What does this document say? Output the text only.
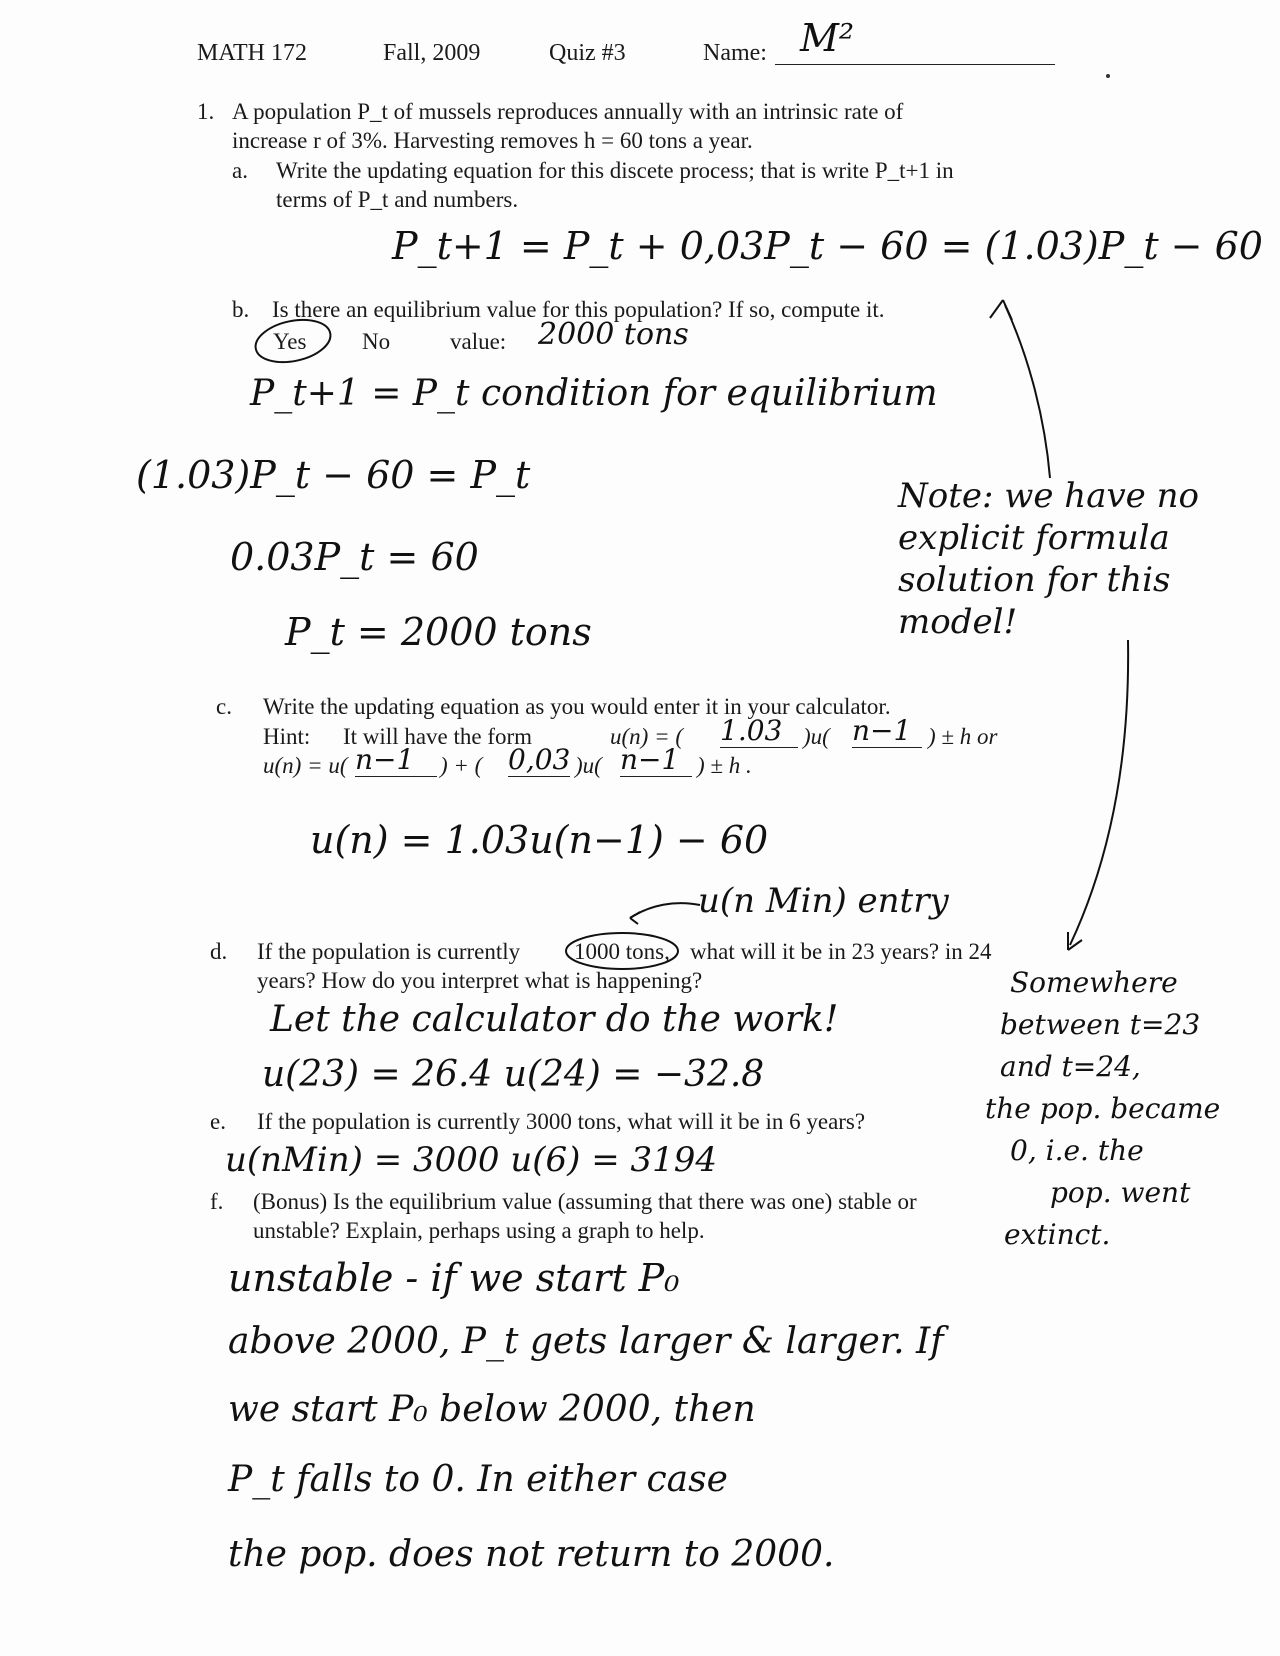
MATH 172	Fall, 2009	Quiz #3	Name: M²
1. A population P_t of mussels reproduces annually with an intrinsic rate of
increase r of 3%. Harvesting removes h = 60 tons a year.
a. Write the updating equation for this discete process; that is write P_t+1 in
terms of P_t and numbers.
P_t+1 = P_t + 0,03P_t − 60 = (1.03)P_t − 60
b. Is there an equilibrium value for this population? If so, compute it.
Yes No	value: 2000 tons
P_t+1 = P_t condition for equilibrium
(1.03)P_t − 60 = P_t
0.03P_t = 60
P_t = 2000 tons
Note: we have no
explicit formula
solution for this
model!
c. Write the updating equation as you would enter it in your calculator.
Hint: It will have the form	u(n) = ( 1.03 )u( n−1 ) ± h or
u(n) = u( n−1	) + ( 0,03 )u( n−1 ) ± h .
u(n) = 1.03u(n−1) − 60
u(n Min) entry
d. If the population is currently 1000 tons, what will it be in 23 years? in 24
years? How do you interpret what is happening?
Let the calculator do the work!
u(23) = 26.4 u(24) = −32.8
Somewhere
between t=23
and t=24,
the pop. became
0, i.e. the
pop. went
extinct.
e. If the population is currently 3000 tons, what will it be in 6 years?
u(nMin) = 3000 u(6) = 3194
f. (Bonus) Is the equilibrium value (assuming that there was one) stable or
unstable? Explain, perhaps using a graph to help.
unstable - if we start P₀
above 2000, P_t gets larger & larger. If
we start P₀ below 2000, then
P_t falls to 0. In either case
the pop. does not return to 2000.
